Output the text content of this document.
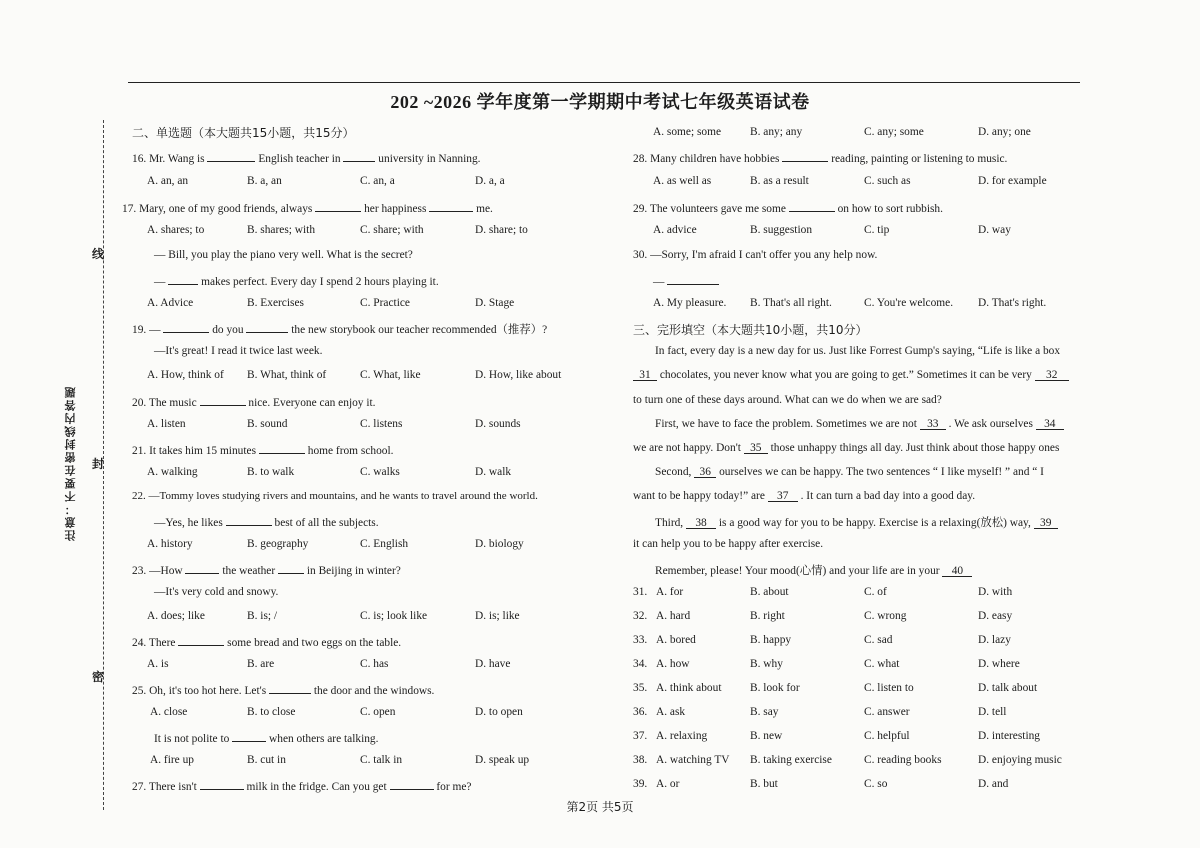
202 ~2026 学年度第一学期期中考试七年级英语试卷
注意：不要在密封线内答题
线
封
密
二、单选题（本大题共15小题，共15分）
16. Mr. Wang is	English teacher in	university in Nanning.
A. an, an	B. a, an	C. an, a	D. a, a
17. Mary, one of my good friends, always	her happiness	me.
A. shares; to	B. shares; with	C. share; with	D. share; to
— Bill, you play the piano very well. What is the secret?
—	makes perfect. Every day I spend 2 hours playing it.
A. Advice	B. Exercises	C. Practice	D. Stage
19. —	do you	the new storybook our teacher recommended（推荐）?
—It's great! I read it twice last week.
A. How, think of B. What, think of	C. What, like	D. How, like about
20. The music	nice. Everyone can enjoy it.
A. listen	B. sound	C. listens	D. sounds
21. It takes him 15 minutes	home from school.
A. walking	B. to walk	C. walks	D. walk
22. —Tommy loves studying rivers and mountains, and he wants to travel around the world.
—Yes, he likes	best of all the subjects.
A. history	B. geography	C. English	D. biology
23. —How	the weather	in Beijing in winter?
—It's very cold and snowy.
A. does; like	B. is; /	C. is; look like	D. is; like
24. There	some bread and two eggs on the table.
A. is	B. are	C. has	D. have
25. Oh, it's too hot here. Let's	the door and the windows.
A. close	B. to close	C. open	D. to open
It is not polite to	when others are talking.
A. fire up	B. cut in	C. talk in	D. speak up
27. There isn't	milk in the fridge. Can you get	for me?
A. some; some	B. any; any	C. any; some	D. any; one
28. Many children have hobbies	reading, painting or listening to music.
A. as well as	B. as a result	C. such as	D. for example
29. The volunteers gave me some	on how to sort rubbish.
A. advice	B. suggestion	C. tip	D. way
30. —Sorry, I'm afraid I can't offer you any help now.
—
A. My pleasure. B. That's all right.	C. You're welcome. D. That's right.
三、完形填空（本大题共10小题，共10分）
In fact, every day is a new day for us. Just like Forrest Gump's saying, “Life is like a box
31 chocolates, you never know what you are going to get.” Sometimes it can be very 32
to turn one of these days around. What can we do when we are sad?
First, we have to face the problem. Sometimes we are not 33 . We ask ourselves 34
we are not happy. Don't 35 those unhappy things all day. Just think about those happy ones
Second, 36 ourselves we can be happy. The two sentences “ I like myself! ” and “ I
want to be happy today!” are 37 . It can turn a bad day into a good day.
Third, 38 is a good way for you to be happy. Exercise is a relaxing(放松) way, 39
it can help you to be happy after exercise.
Remember, please! Your mood(心情) and your life are in your 40
31. A. for	B. about	C. of	D. with
32. A. hard	B. right	C. wrong	D. easy
33. A. bored	B. happy	C. sad	D. lazy
34. A. how	B. why	C. what	D. where
35. A. think about	B. look for	C. listen to	D. talk about
36. A. ask	B. say	C. answer	D. tell
37. A. relaxing	B. new	C. helpful	D. interesting
38. A. watching TV B. taking exercise	C. reading books	D. enjoying music
39. A. or	B. but	C. so	D. and
第2页 共5页
